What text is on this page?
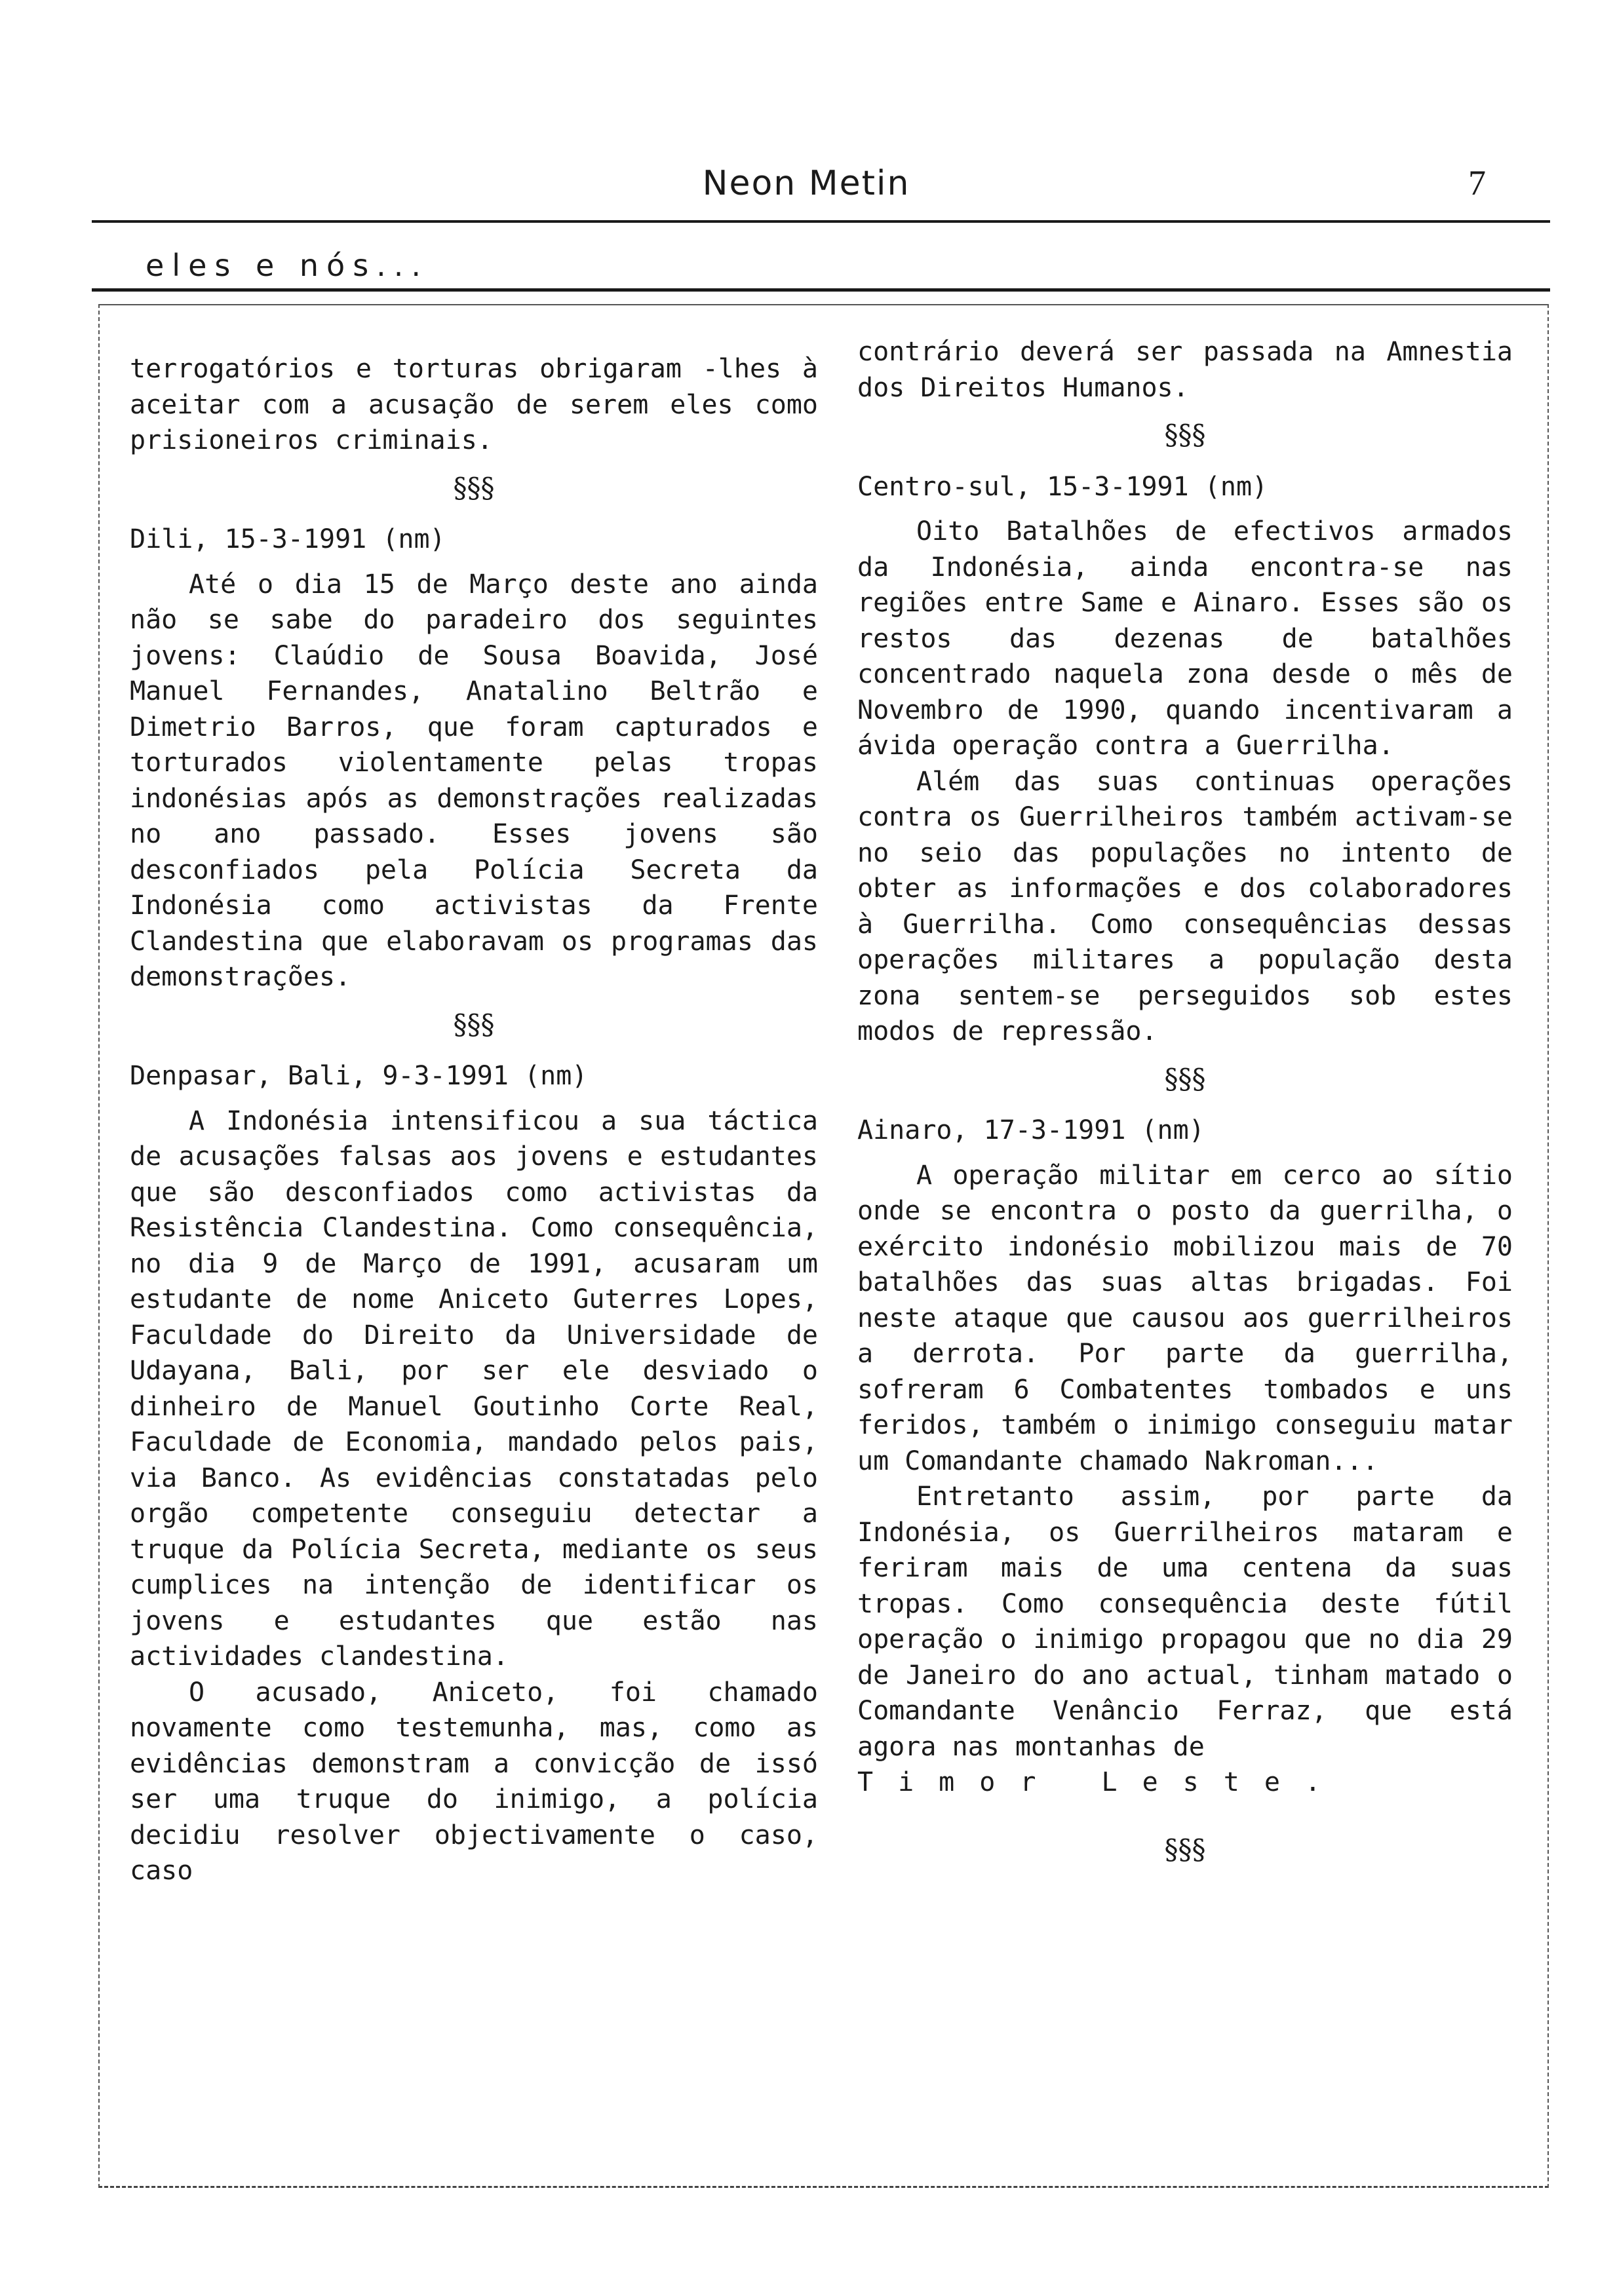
Neon Metin	7
eles e nós...

terrogatórios e torturas obrigaram -lhes à aceitar com a acusação de serem eles como prisioneiros criminais.

§§§
Dili, 15-3-1991 (nm)

Até o dia 15 de Março deste ano ainda não se sabe do paradeiro dos seguintes jovens: Claúdio de Sousa Boavida, José Manuel Fernandes, Anatalino Beltrão e Dimetrio Barros, que foram capturados e torturados violentamente pelas tropas indonésias após as demonstrações realizadas no ano passado. Esses jovens são desconfiados pela Polícia Secreta da Indonésia como activistas da Frente Clandestina que elaboravam os programas das demonstrações.

§§§
Denpasar, Bali, 9-3-1991 (nm)

A Indonésia intensificou a sua táctica de acusações falsas aos jovens e estudantes que são desconfiados como activistas da Resistência Clandestina. Como consequência, no dia 9 de Março de 1991, acusaram um estudante de nome Aniceto Guterres Lopes, Faculdade do Direito da Universidade de Udayana, Bali, por ser ele desviado o dinheiro de Manuel Goutinho Corte Real, Faculdade de Economia, mandado pelos pais, via Banco. As evidências constatadas pelo orgão competente conseguiu detectar a truque da Polícia Secreta, mediante os seus cumplices na intenção de identificar os jovens e estudantes que estão nas actividades clandestina.

O acusado, Aniceto, foi chamado novamente como testemunha, mas, como as evidências demonstram a convicção de issó ser uma truque do inimigo, a polícia decidiu resolver objectivamente o caso, caso

contrário deverá ser passada na Amnestia dos Direitos Humanos.

§§§
Centro-sul, 15-3-1991 (nm)

Oito Batalhões de efectivos armados da Indonésia, ainda encontra-se nas regiões entre Same e Ainaro. Esses são os restos das dezenas de batalhões concentrado naquela zona desde o mês de Novembro de 1990, quando incentivaram a ávida operação contra a Guerrilha.

Além das suas continuas operações contra os Guerrilheiros também activam-se no seio das populações no intento de obter as informações e dos colaboradores à Guerrilha. Como consequências dessas operações militares a população desta zona sentem-se perseguidos sob estes modos de repressão.

§§§
Ainaro, 17-3-1991 (nm)

A operação militar em cerco ao sítio onde se encontra o posto da guerrilha, o exército indonésio mobilizou mais de 70 batalhões das suas altas brigadas. Foi neste ataque que causou aos guerrilheiros a derrota. Por parte da guerrilha, sofreram 6 Combatentes tombados e uns feridos, também o inimigo conseguiu matar um Comandante chamado Nakroman...

Entretanto assim, por parte da Indonésia, os Guerrilheiros mataram e feriram mais de uma centena da suas tropas. Como consequência deste fútil operação o inimigo propagou que no dia 29 de Janeiro do ano actual, tinham matado o Comandante Venâncio Ferraz, que está agora nas montanhas de

Timor Leste.

§§§
